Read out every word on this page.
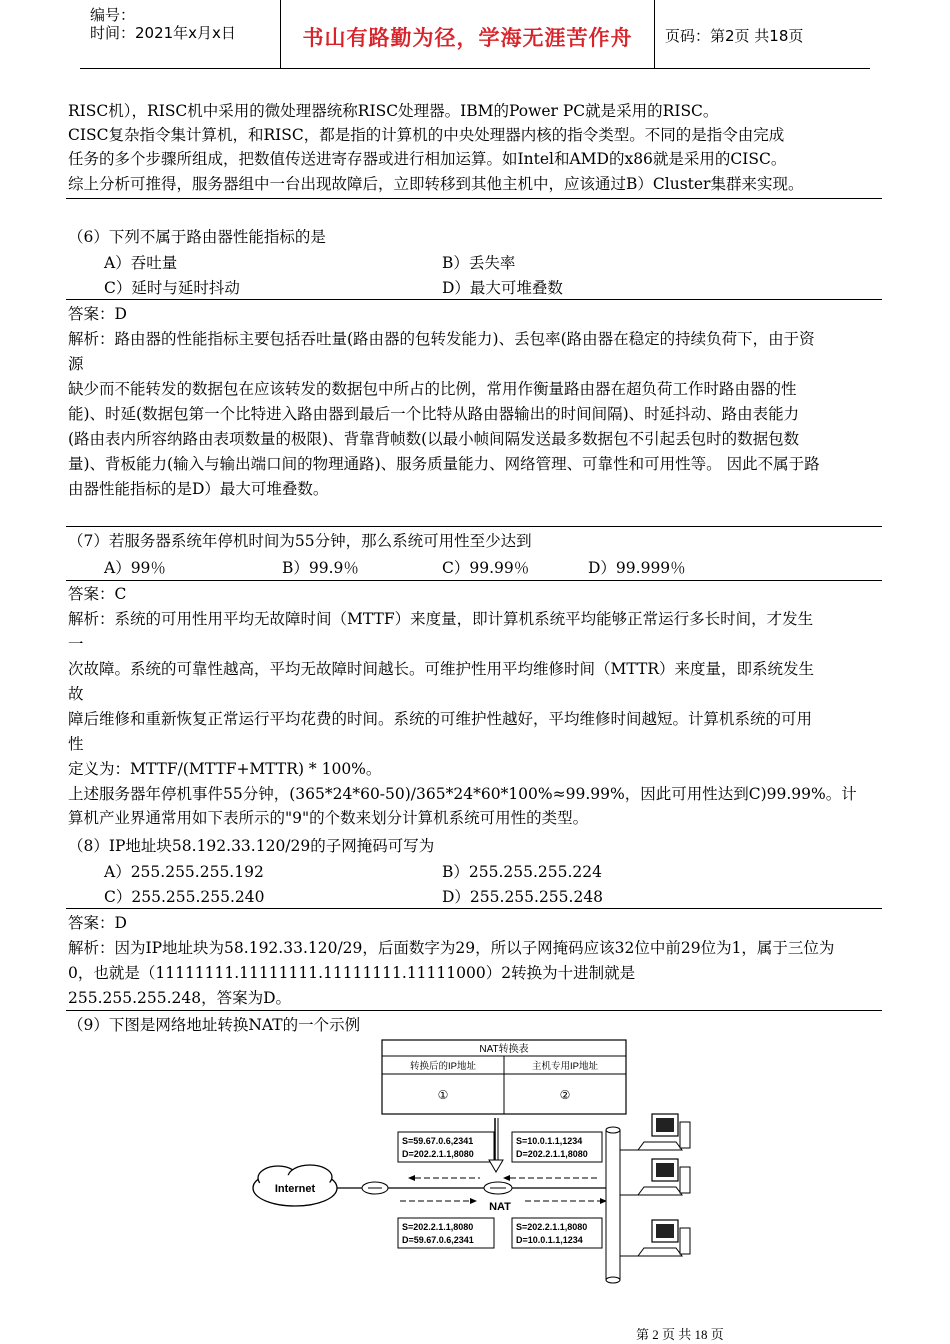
编号：
时间：2021年x月x日	书山有路勤为径，学海无涯苦作舟	页码：第2页 共18页
RISC机），RISC机中采用的微处理器统称RISC处理器。IBM的Power PC就是采用的RISC。
CISC复杂指令集计算机，和RISC，都是指的计算机的中央处理器内核的指令类型。不同的是指令由完成
任务的多个步骤所组成，把数值传送进寄存器或进行相加运算。如Intel和AMD的x86就是采用的CISC。
综上分析可推得，服务器组中一台出现故障后，立即转移到其他主机中，应该通过B）Cluster集群来实现。
（6）下列不属于路由器性能指标的是
A）吞吐量	B）丢失率
C）延时与延时抖动	D）最大可堆叠数
答案：D
解析：路由器的性能指标主要包括吞吐量(路由器的包转发能力)、丢包率(路由器在稳定的持续负荷下，由于资
源
缺少而不能转发的数据包在应该转发的数据包中所占的比例，常用作衡量路由器在超负荷工作时路由器的性
能)、时延(数据包第一个比特进入路由器到最后一个比特从路由器输出的时间间隔)、时延抖动、路由表能力
(路由表内所容纳路由表项数量的极限)、背靠背帧数(以最小帧间隔发送最多数据包不引起丢包时的数据包数
量)、背板能力(输入与输出端口间的物理通路)、服务质量能力、网络管理、可靠性和可用性等。 因此不属于路
由器性能指标的是D）最大可堆叠数。
（7）若服务器系统年停机时间为55分钟，那么系统可用性至少达到
A）99％	B）99.9％	C）99.99％	D）99.999％
答案：C
解析：系统的可用性用平均无故障时间（MTTF）来度量，即计算机系统平均能够正常运行多长时间，才发生
一
次故障。系统的可靠性越高，平均无故障时间越长。可维护性用平均维修时间（MTTR）来度量，即系统发生
故
障后维修和重新恢复正常运行平均花费的时间。系统的可维护性越好，平均维修时间越短。计算机系统的可用
性
定义为：MTTF/(MTTF+MTTR) * 100%。
上述服务器年停机事件55分钟，(365*24*60-50)/365*24*60*100%≈99.99%，因此可用性达到C)99.99%。计
算机产业界通常用如下表所示的"9"的个数来划分计算机系统可用性的类型。
（8）IP地址块58.192.33.120/29的子网掩码可写为
A）255.255.255.192	B）255.255.255.224
C）255.255.255.240	D）255.255.255.248
答案：D
解析：因为IP地址块为58.192.33.120/29，后面数字为29，所以子网掩码应该32位中前29位为1，属于三位为
0，也就是（11111111.11111111.11111111.11111000）2转换为十进制就是
255.255.255.248，答案为D。
（9）下图是网络地址转换NAT的一个示例
NAT转换表
转换后的IP地址	主机专用IP地址
①	②
S=59.67.0.6,2341
D=202.2.1.1,8080
S=10.0.1.1,1234
D=202.2.1.1,8080
Internet
NAT
S=202.2.1.1,8080
D=59.67.0.6,2341
S=202.2.1.1,8080
D=10.0.1.1,1234
第 2 页 共 18 页
